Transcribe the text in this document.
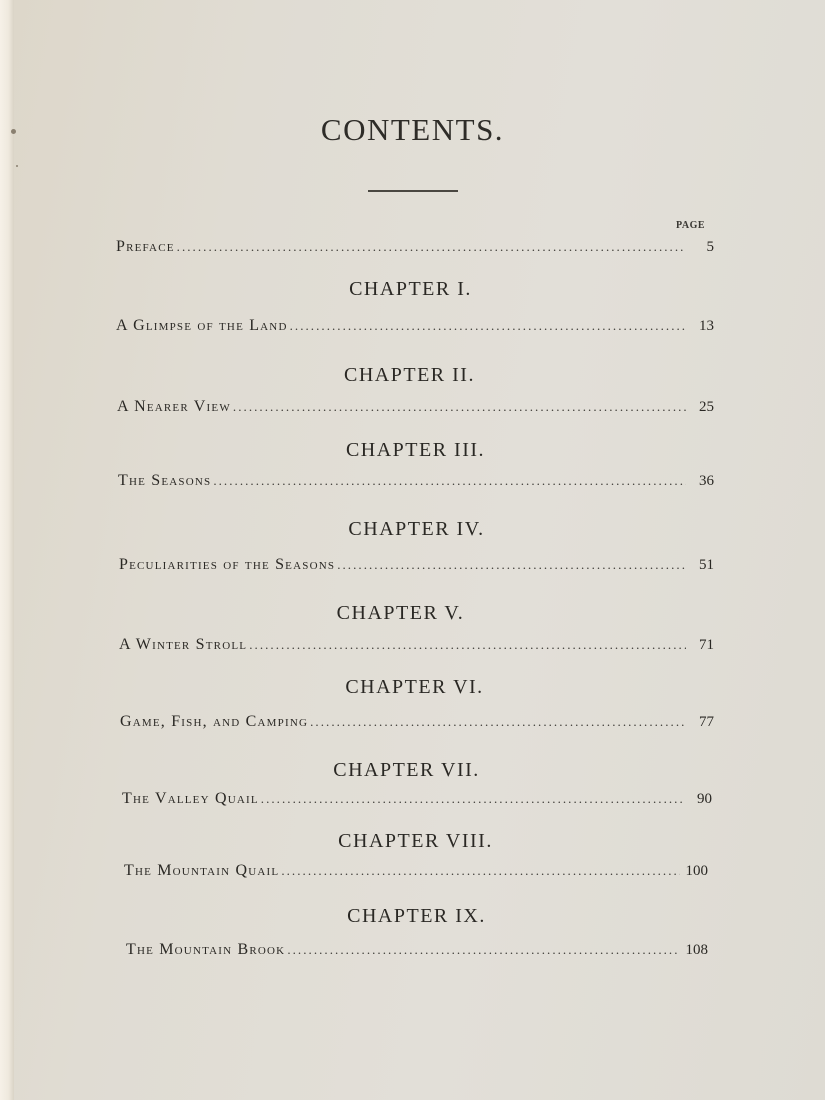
CONTENTS.
PAGE
Preface . . .	5
CHAPTER I.
A Glimpse of the Land . . .	13
CHAPTER II.
A Nearer View . . .	25
CHAPTER III.
The Seasons . . .	36
CHAPTER IV.
Peculiarities of the Seasons . . .	51
CHAPTER V.
A Winter Stroll . . .	71
CHAPTER VI.
Game, Fish, and Camping . . .	77
CHAPTER VII.
The Valley Quail . . .	90
CHAPTER VIII.
The Mountain Quail . . .	100
CHAPTER IX.
The Mountain Brook . . .	108
